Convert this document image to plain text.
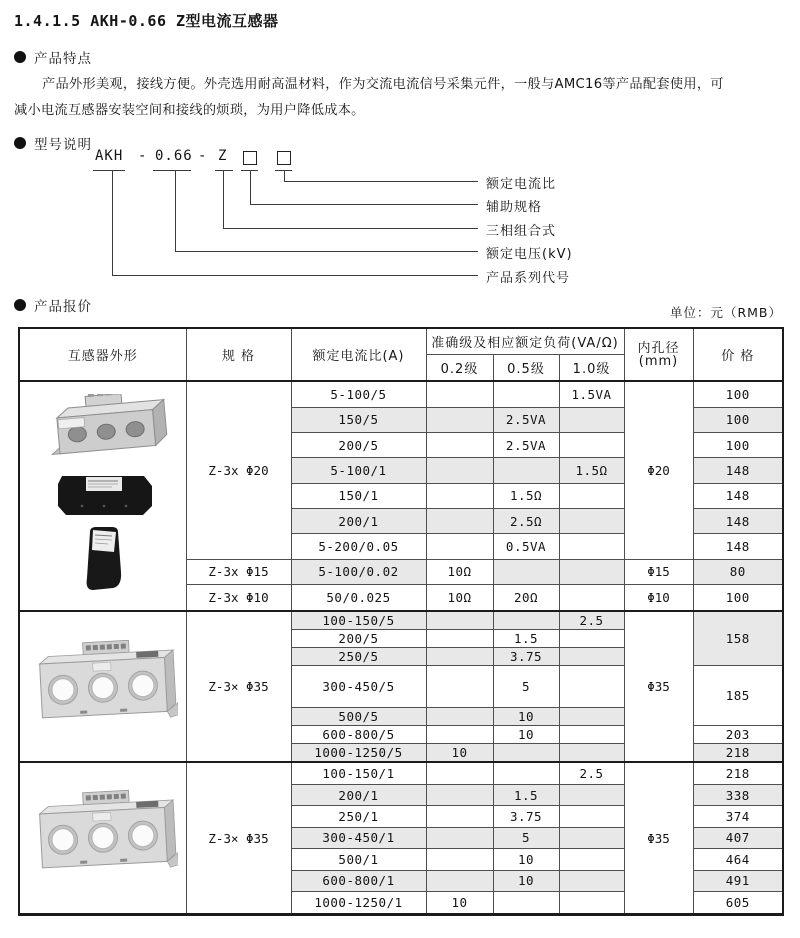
1.4.1.5 AKH-0.66 Z型电流互感器
产品特点
产品外形美观，接线方便。外壳选用耐高温材料，作为交流电流信号采集元件，一般与AMC16等产品配套使用，可
减小电流互感器安装空间和接线的烦琐，为用户降低成本。
型号说明
AKH - 0.66 - Z
额定电流比
辅助规格
三相组合式
额定电压(kV)
产品系列代号
产品报价	单位：元（RMB）
互感器外形	规 格	额定电流比(A)	准确级及相应额定负荷(VA/Ω)			内孔径
(mm)	价 格
			0.2级	0.5级	1.0级		
	Z-3x Φ20	5-100/5			1.5VA	Φ20	100
		150/5		2.5VA			100
		200/5		2.5VA			100
		5-100/1			1.5Ω		148
		150/1		1.5Ω			148
		200/1		2.5Ω			148
		5-200/0.05		0.5VA			148
	Z-3x Φ15	5-100/0.02	10Ω			Φ15	80
	Z-3x Φ10	50/0.025	10Ω	20Ω		Φ10	100
	Z-3× Φ35	100-150/5			2.5	Φ35	158
		200/5		1.5			
		250/5		3.75			
		300-450/5		5			185
		500/5		10			
		600-800/5		10			203
		1000-1250/5	10				218
	Z-3× Φ35	100-150/1			2.5	Φ35	218
		200/1		1.5			338
		250/1		3.75			374
		300-450/1		5			407
		500/1		10			464
		600-800/1		10			491
		1000-1250/1	10				605
